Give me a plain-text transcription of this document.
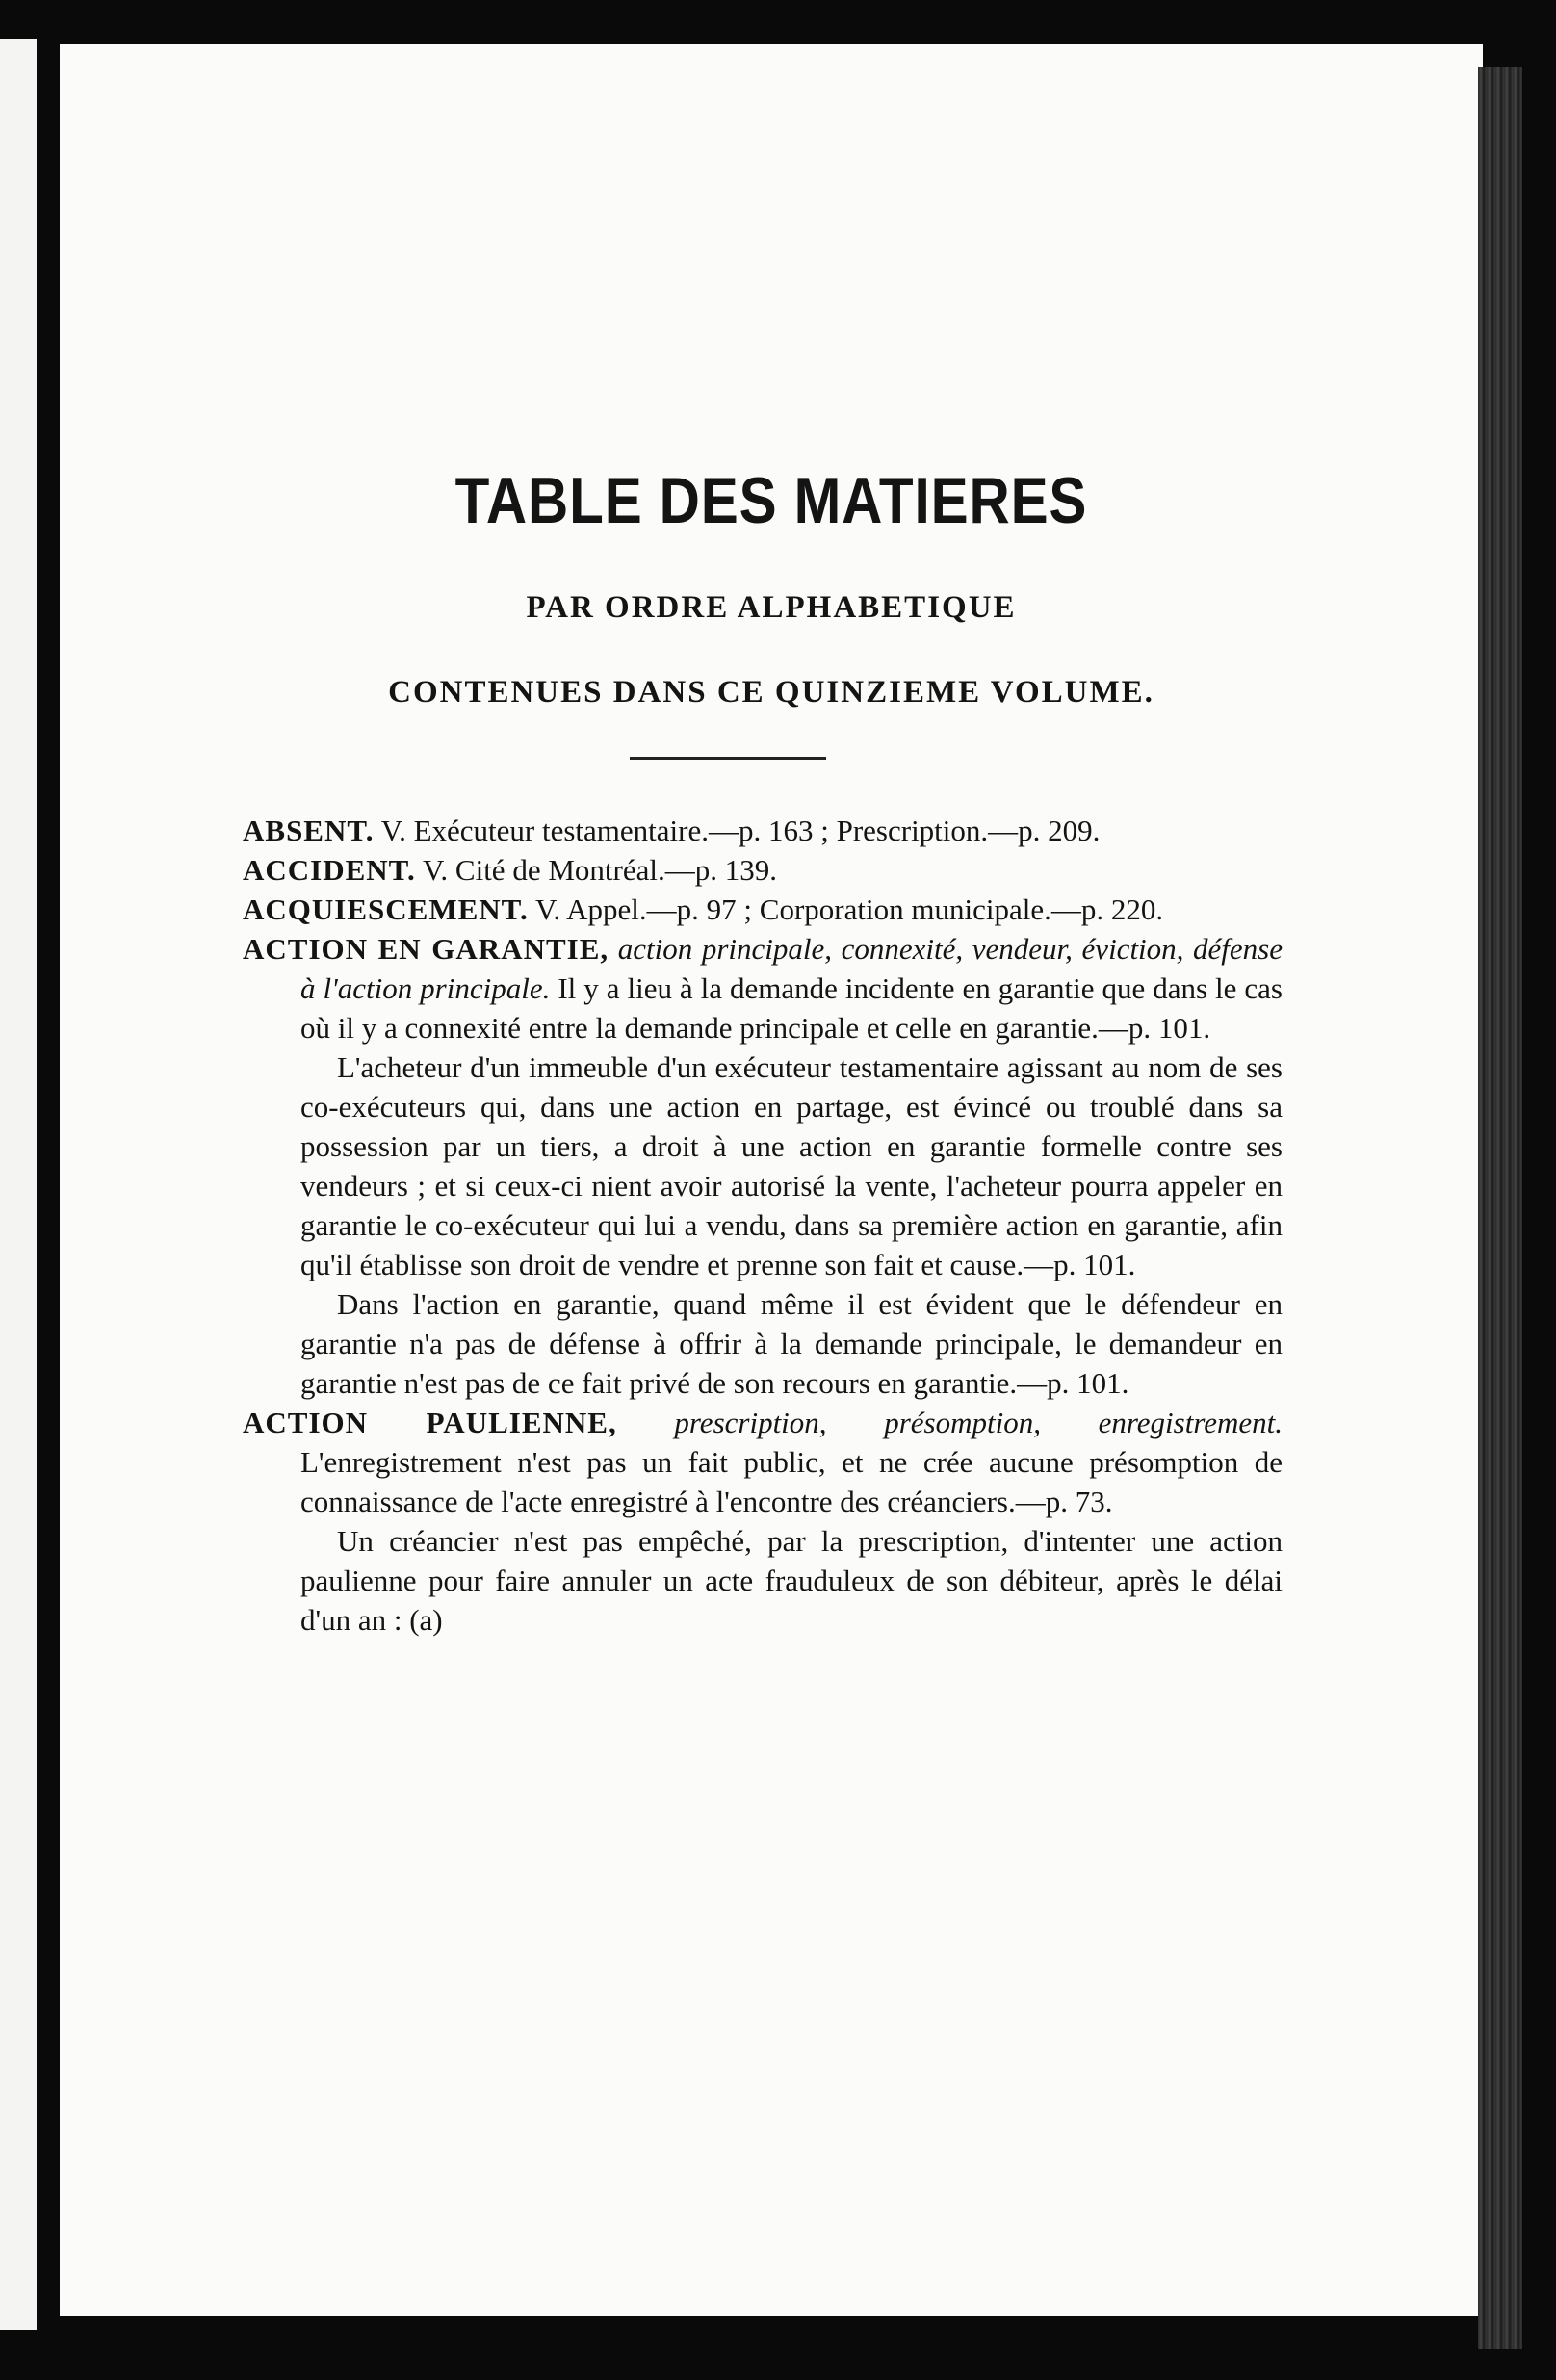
TABLE DES MATIERES
PAR ORDRE ALPHABETIQUE
CONTENUES DANS CE QUINZIEME VOLUME.

ABSENT. V. Exécuteur testamentaire.—p. 163 ; Prescription.—p. 209.

ACCIDENT. V. Cité de Montréal.—p. 139.

ACQUIESCEMENT. V. Appel.—p. 97 ; Corporation municipale.—p. 220.

ACTION EN GARANTIE, action principale, connexité, vendeur, éviction, défense à l'action principale. Il y a lieu à la demande incidente en garantie que dans le cas où il y a connexité entre la demande principale et celle en garantie.—p. 101.

L'acheteur d'un immeuble d'un exécuteur testamentaire agissant au nom de ses co-exécuteurs qui, dans une action en partage, est évincé ou troublé dans sa possession par un tiers, a droit à une action en garantie formelle contre ses vendeurs ; et si ceux-ci nient avoir autorisé la vente, l'acheteur pourra appeler en garantie le co-exécuteur qui lui a vendu, dans sa première action en garantie, afin qu'il établisse son droit de vendre et prenne son fait et cause.—p. 101.

Dans l'action en garantie, quand même il est évident que le défendeur en garantie n'a pas de défense à offrir à la demande principale, le demandeur en garantie n'est pas de ce fait privé de son recours en garantie.—p. 101.

ACTION PAULIENNE, prescription, présomption, enregistrement. L'enregistrement n'est pas un fait public, et ne crée aucune présomption de connaissance de l'acte enregistré à l'encontre des créanciers.—p. 73.

Un créancier n'est pas empêché, par la prescription, d'intenter une action paulienne pour faire annuler un acte frauduleux de son débiteur, après le délai d'un an : (a)
